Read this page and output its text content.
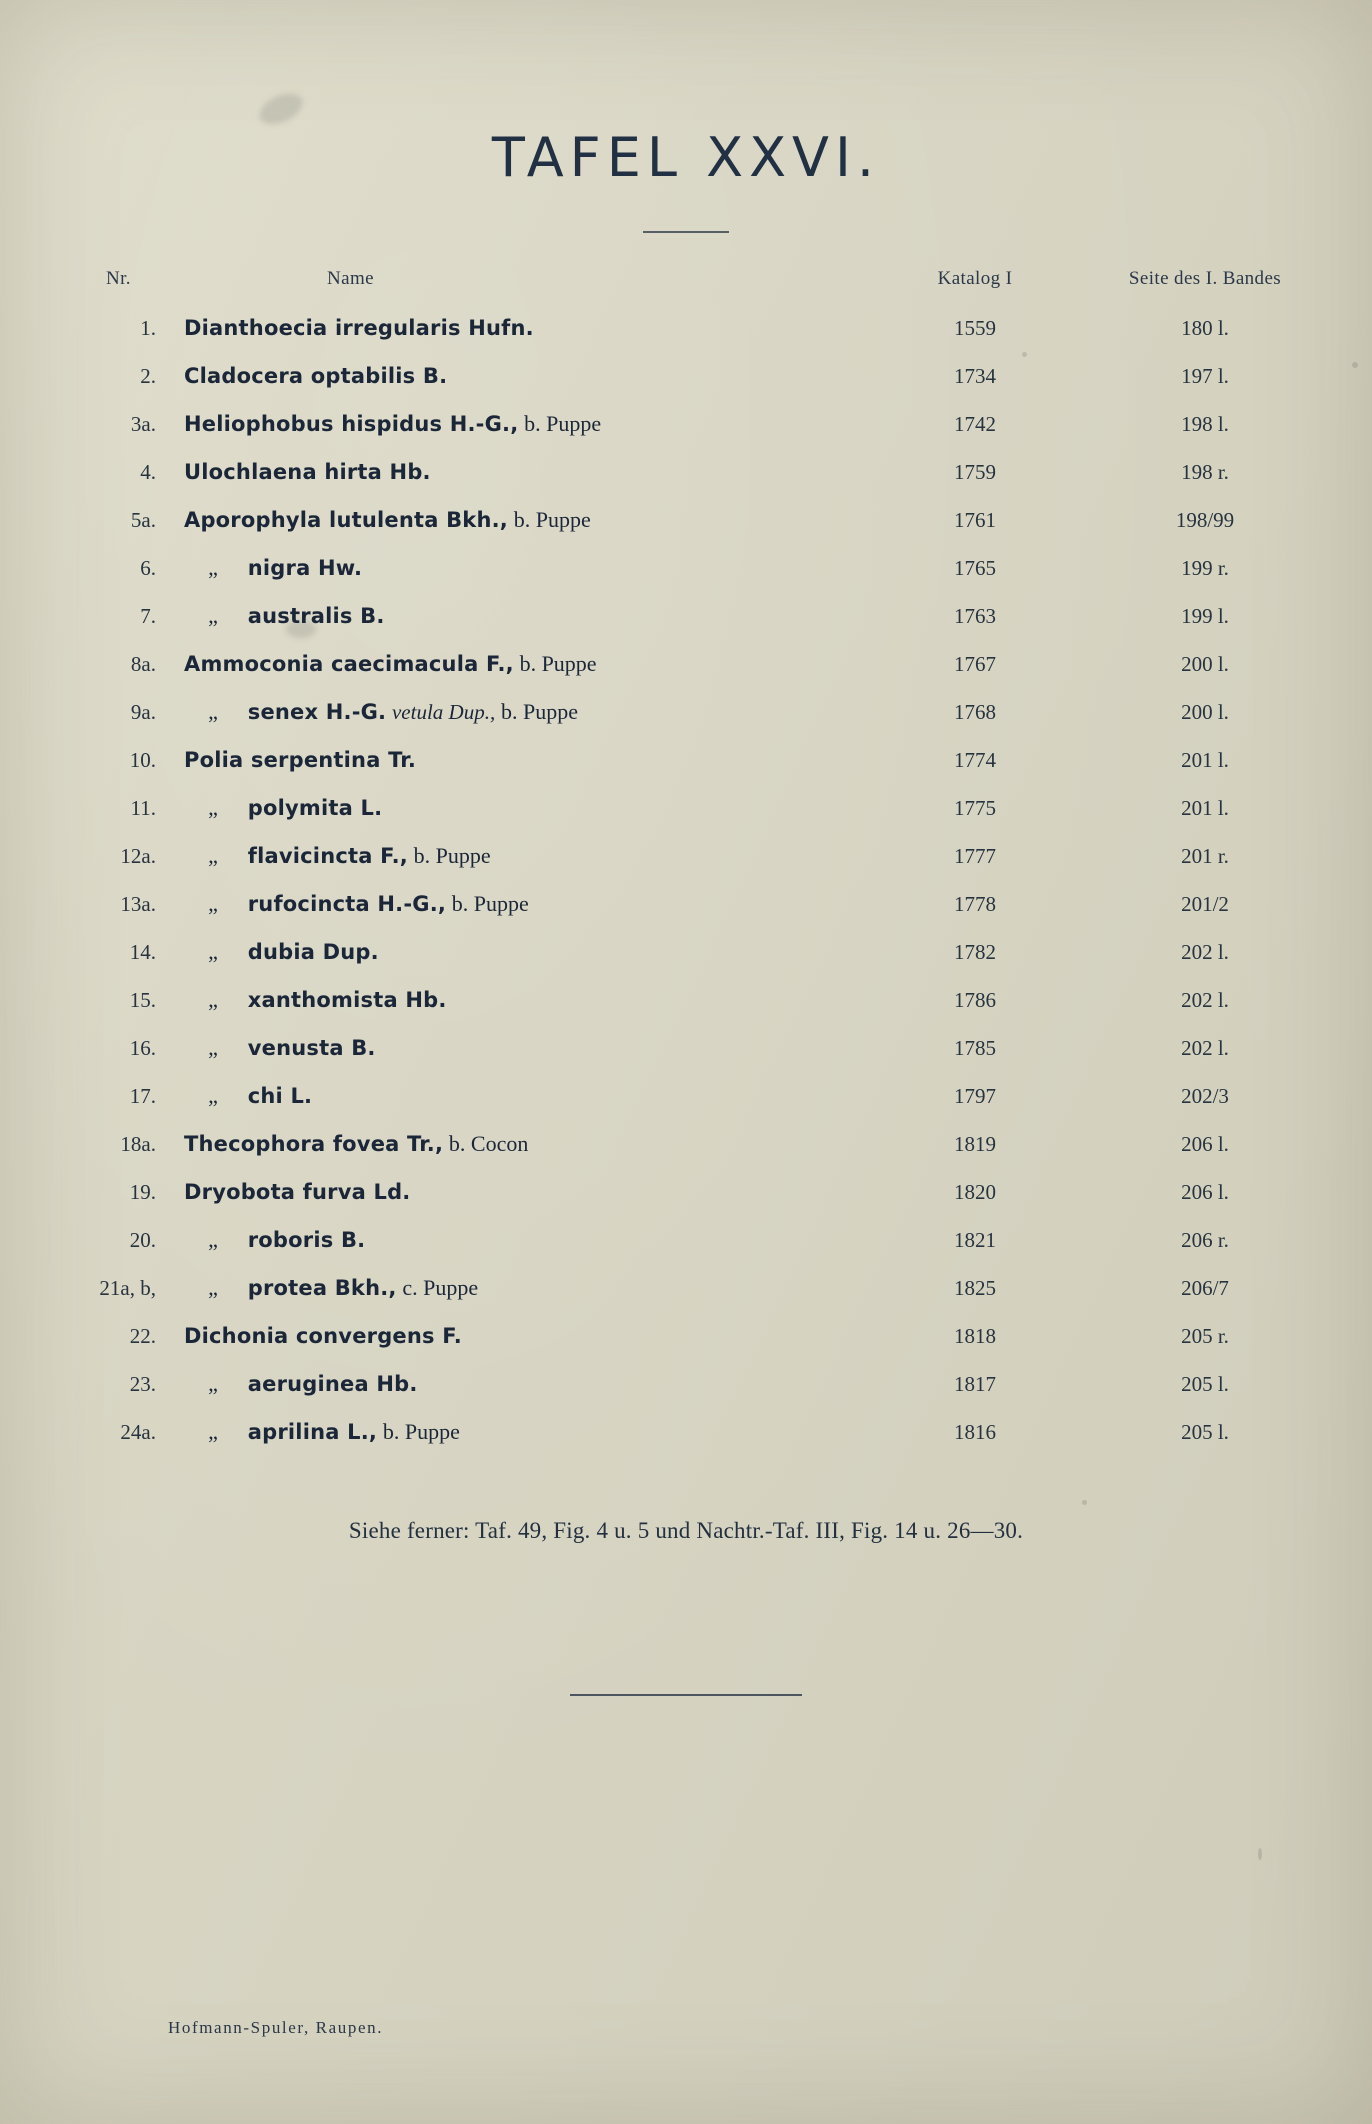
TAFEL XXVI.
Nr.	Name	Katalog I	Seite des I. Bandes
1.	Dianthoecia irregularis Hufn.	1559	180 l.
2.	Cladocera optabilis B.	1734	197 l.
3a.	Heliophobus hispidus H.-G., b. Puppe	1742	198 l.
4.	Ulochlaena hirta Hb.	1759	198 r.
5a.	Aporophyla lutulenta Bkh., b. Puppe	1761	198/99
6.	„ nigra Hw.	1765	199 r.
7.	„ australis B.	1763	199 l.
8a.	Ammoconia caecimacula F., b. Puppe	1767	200 l.
9a.	„ senex H.-G. vetula Dup., b. Puppe	1768	200 l.
10.	Polia serpentina Tr.	1774	201 l.
11.	„ polymita L.	1775	201 l.
12a.	„ flavicincta F., b. Puppe	1777	201 r.
13a.	„ rufocincta H.-G., b. Puppe	1778	201/2
14.	„ dubia Dup.	1782	202 l.
15.	„ xanthomista Hb.	1786	202 l.
16.	„ venusta B.	1785	202 l.
17.	„ chi L.	1797	202/3
18a.	Thecophora fovea Tr., b. Cocon	1819	206 l.
19.	Dryobota furva Ld.	1820	206 l.
20.	„ roboris B.	1821	206 r.
21a, b,	„ protea Bkh., c. Puppe	1825	206/7
22.	Dichonia convergens F.	1818	205 r.
23.	„ aeruginea Hb.	1817	205 l.
24a.	„ aprilina L., b. Puppe	1816	205 l.
Siehe ferner: Taf. 49, Fig. 4 u. 5 und Nachtr.-Taf. III, Fig. 14 u. 26—30.
Hofmann-Spuler, Raupen.
